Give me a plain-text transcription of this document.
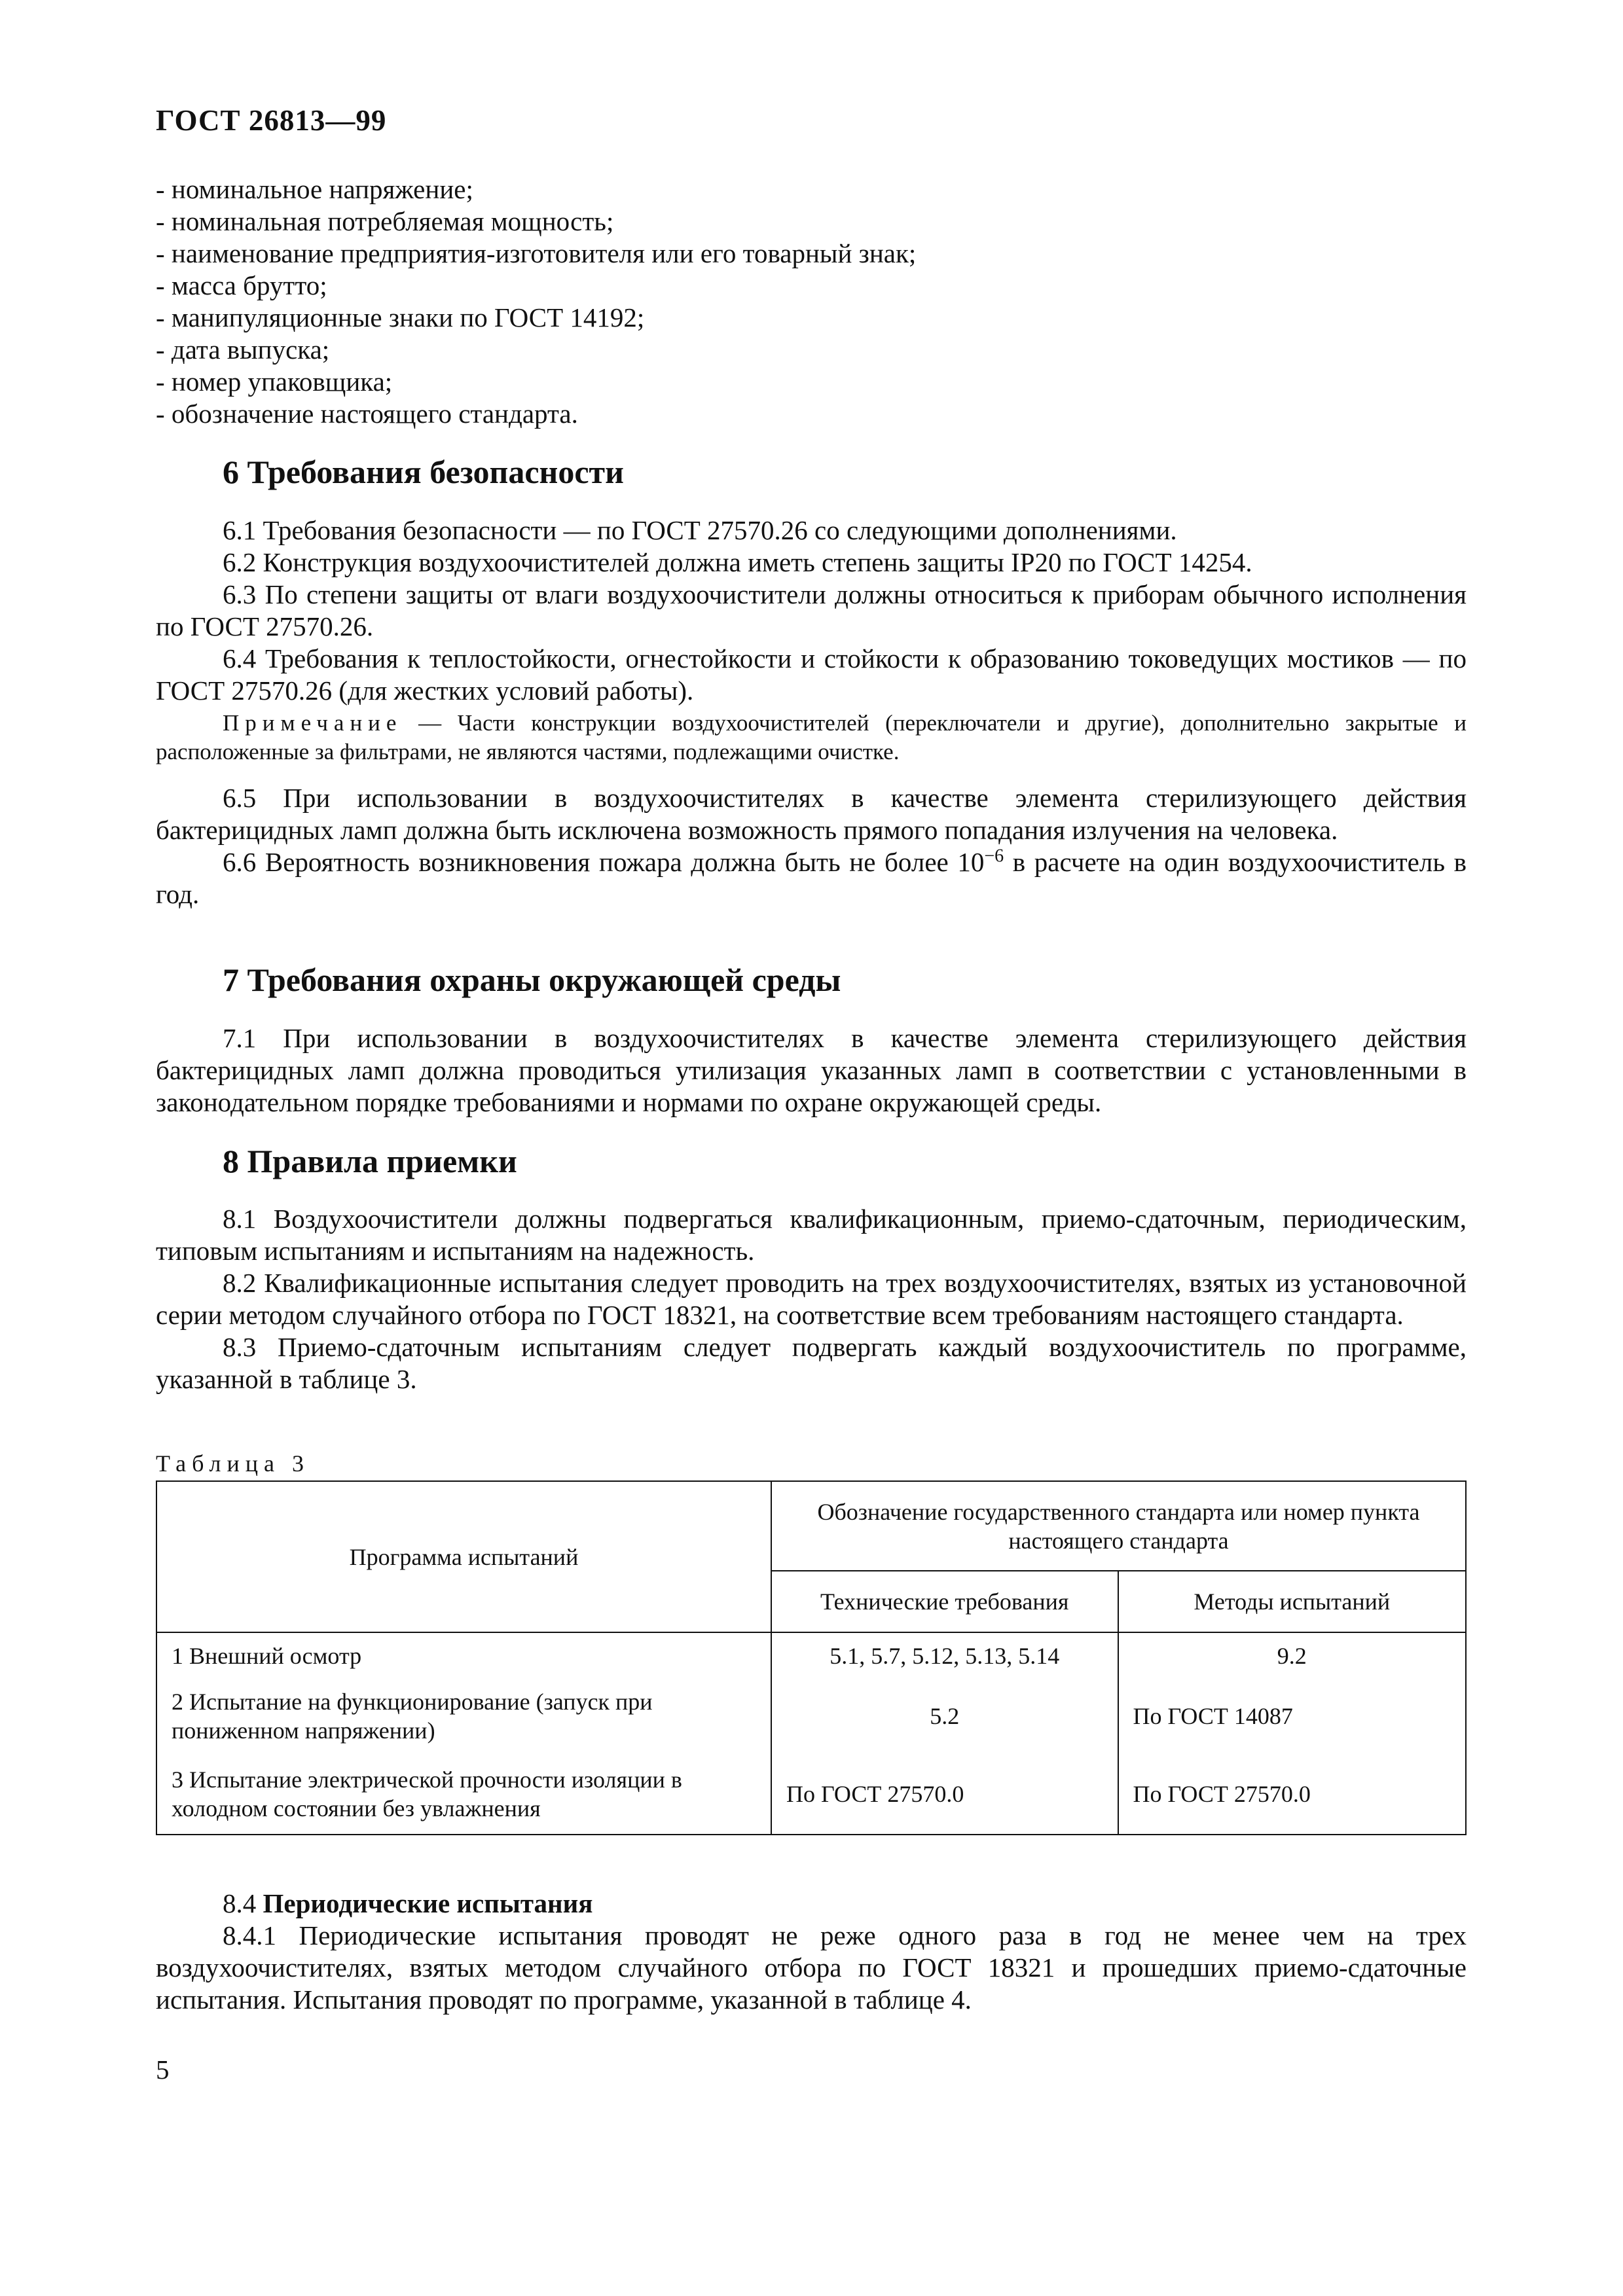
ГОСТ 26813—99
- номинальное напряжение;
- номинальная потребляемая мощность;
- наименование предприятия-изготовителя или его товарный знак;
- масса брутто;
- манипуляционные знаки по ГОСТ 14192;
- дата выпуска;
- номер упаковщика;
- обозначение настоящего стандарта.
6 Требования безопасности

6.1 Требования безопасности — по ГОСТ 27570.26 со следующими дополнениями.

6.2 Конструкция воздухоочистителей должна иметь степень защиты IP20 по ГОСТ 14254.

6.3 По степени защиты от влаги воздухоочистители должны относиться к приборам обычного исполнения по ГОСТ 27570.26.

6.4 Требования к теплостойкости, огнестойкости и стойкости к образованию токоведущих мостиков — по ГОСТ 27570.26 (для жестких условий работы).

Примечание — Части конструкции воздухоочистителей (переключатели и другие), дополнительно закрытые и расположенные за фильтрами, не являются частями, подлежащими очистке.

6.5 При использовании в воздухоочистителях в качестве элемента стерилизующего действия бактерицидных ламп должна быть исключена возможность прямого попадания излучения на человека.

6.6 Вероятность возникновения пожара должна быть не более $10^{-6}$ в расчете на один воздухоочиститель в год.

7 Требования охраны окружающей среды

7.1 При использовании в воздухоочистителях в качестве элемента стерилизующего действия бактерицидных ламп должна проводиться утилизация указанных ламп в соответствии с установленными в законодательном порядке требованиями и нормами по охране окружающей среды.

8 Правила приемки

8.1 Воздухоочистители должны подвергаться квалификационным, приемо-сдаточным, периодическим, типовым испытаниям и испытаниям на надежность.

8.2 Квалификационные испытания следует проводить на трех воздухоочистителях, взятых из установочной серии методом случайного отбора по ГОСТ 18321, на соответствие всем требованиям настоящего стандарта.

8.3 Приемо-сдаточным испытаниям следует подвергать каждый воздухоочиститель по программе, указанной в таблице 3.

Таблица 3
Программа испытаний	Обозначение государственного стандарта или номер пункта настоящего стандарта	
	Технические требования	Методы испытаний
1 Внешний осмотр	5.1, 5.7, 5.12, 5.13, 5.14	9.2
2 Испытание на функционирование (запуск при пониженном напряжении)	5.2	По ГОСТ 14087
3 Испытание электрической прочности изоляции в холодном состоянии без увлажнения	По ГОСТ 27570.0	По ГОСТ 27570.0

8.4 Периодические испытания

8.4.1 Периодические испытания проводят не реже одного раза в год не менее чем на трех воздухоочистителях, взятых методом случайного отбора по ГОСТ 18321 и прошедших приемо-сдаточные испытания. Испытания проводят по программе, указанной в таблице 4.

5
